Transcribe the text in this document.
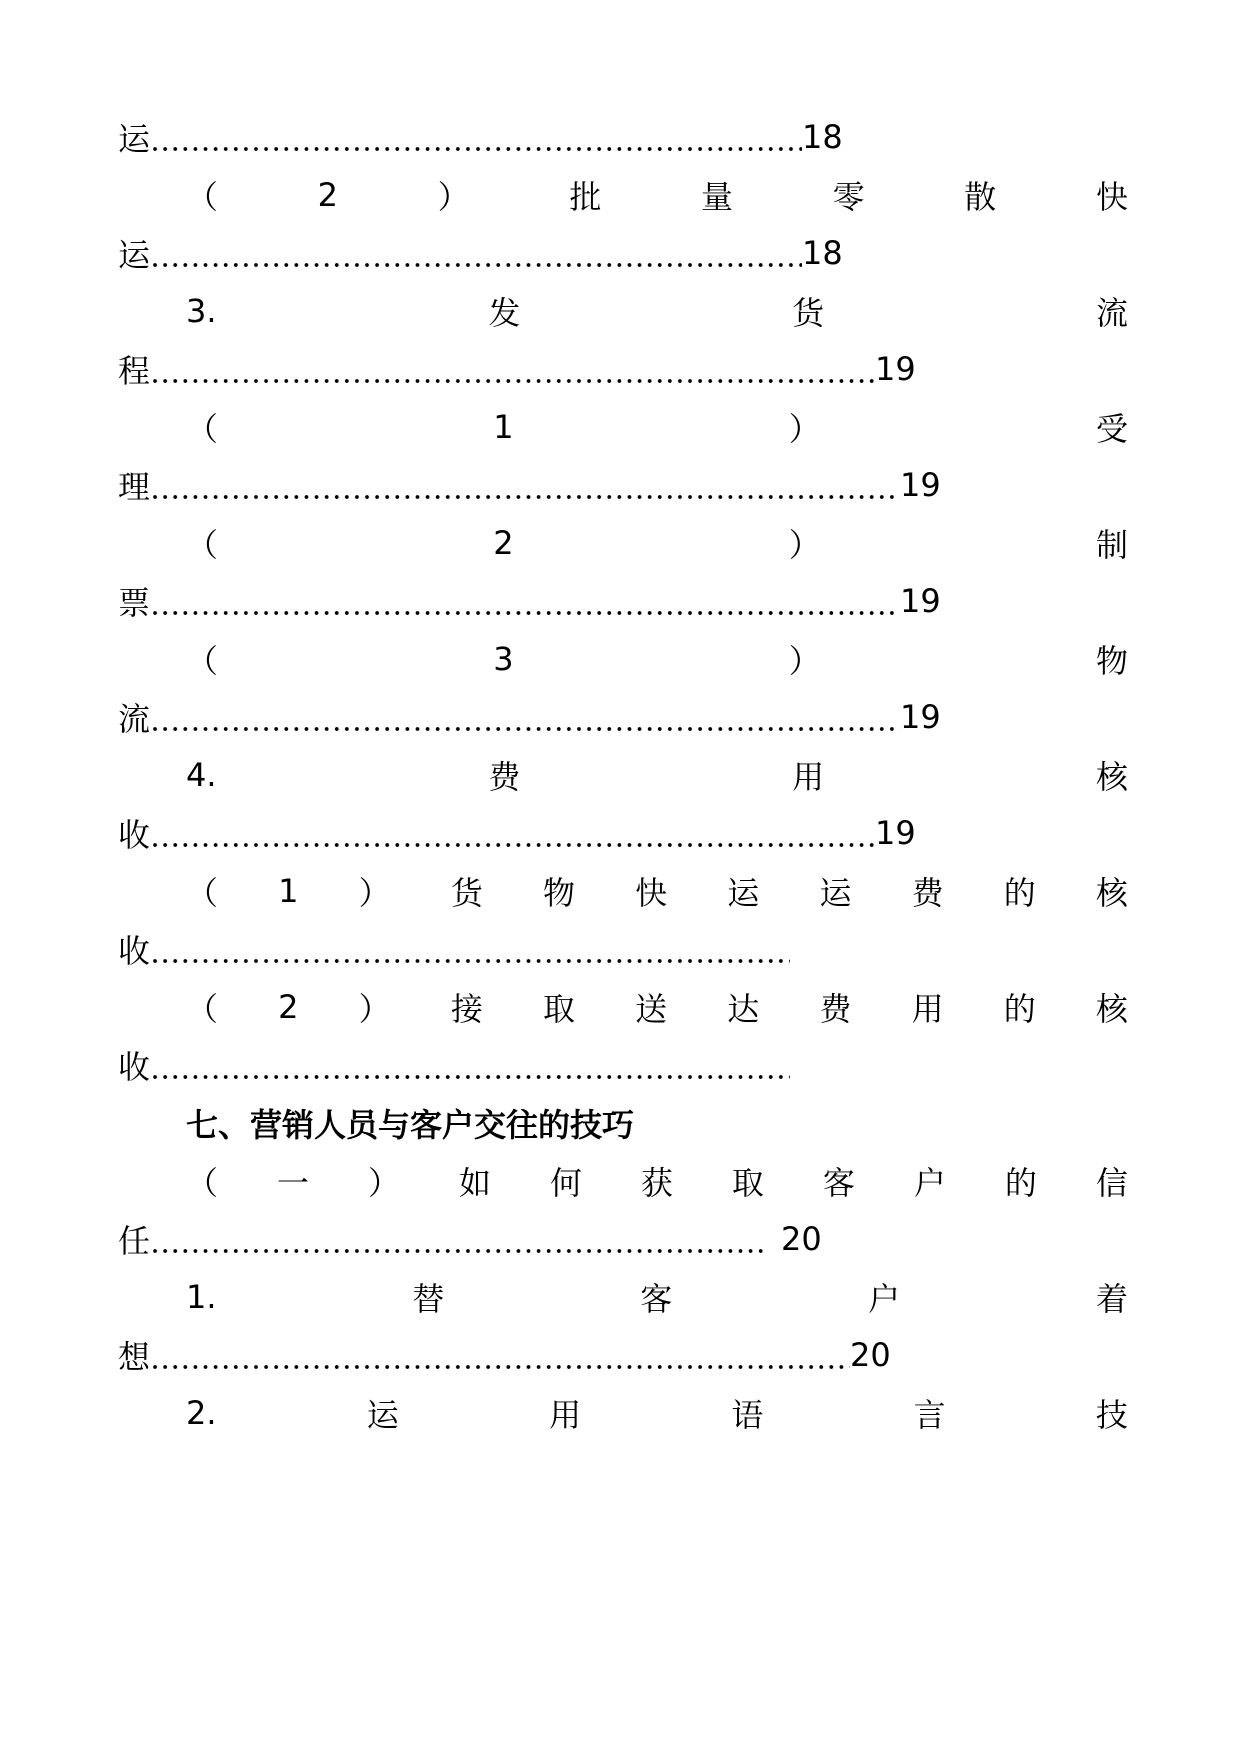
运	18
（	2	）	批	量	零	散	快
运	18
3.	发	货	流
程	19
（	1	）	受
理	19
（	2	）	制
票	19
（	3	）	物
流	19
4.	费	用	核
收	19
（ 1 ） 货 物 快 运 运 费 的 核
收
（ 2 ） 接 取 送 达 费 用 的 核
收
七、营销人员与客户交往的技巧
（ 一 ） 如 何 获 取 客 户 的 信
任	20
1.	替	客	户	着
想	20
2.	运	用	语	言	技
